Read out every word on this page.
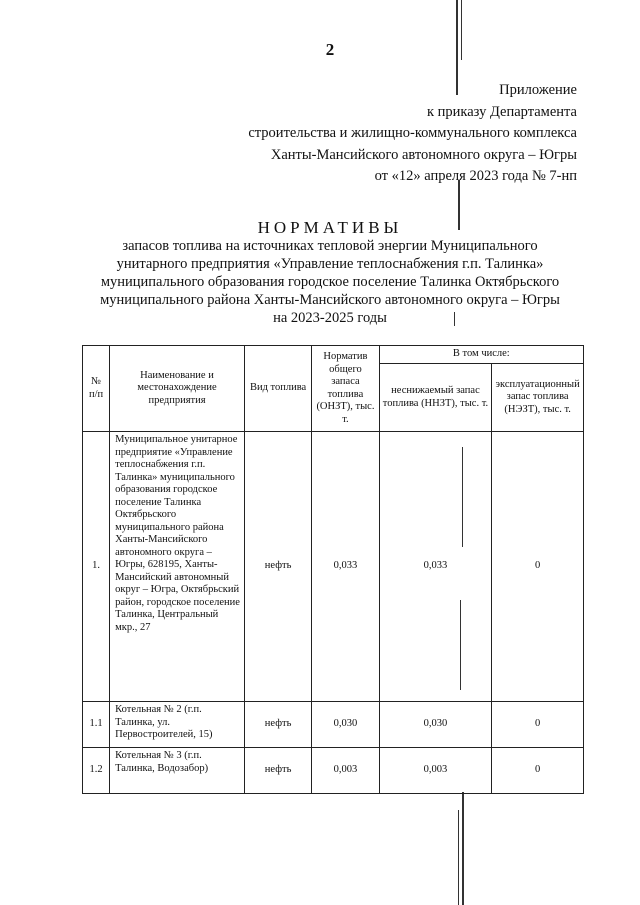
2
Приложение
к приказу Департамента
строительства и жилищно-коммунального комплекса
Ханты-Мансийского автономного округа – Югры
от «12» апреля 2023 года № 7-нп
НОРМАТИВЫ
запасов топлива на источниках тепловой энергии Муниципального
унитарного предприятия «Управление теплоснабжения г.п. Талинка»
муниципального образования городское поселение Талинка Октябрьского
муниципального района Ханты-Мансийского автономного округа – Югры
на 2023-2025 годы
№ п/п	Наименование и местонахождение предприятия	Вид топлива	Норматив общего запаса топлива (ОНЗТ), тыс. т.	В том числе:	
				неснижаемый запас топлива (ННЗТ), тыс. т.	эксплуатационный запас топлива (НЭЗТ), тыс. т.
1.	Муниципальное унитарное предприятие «Управление теплоснабжения г.п. Талинка» муниципального образования городское поселение Талинка Октябрьского муниципального района Ханты-Мансийского автономного округа – Югры, 628195, Ханты-Мансийский автономный округ – Югра, Октябрьский район, городское поселение Талинка, Центральный мкр., 27	нефть	0,033	0,033	0
1.1	Котельная № 2 (г.п. Талинка, ул. Первостроителей, 15)	нефть	0,030	0,030	0
1.2	Котельная № 3 (г.п. Талинка, Водозабор)	нефть	0,003	0,003	0
